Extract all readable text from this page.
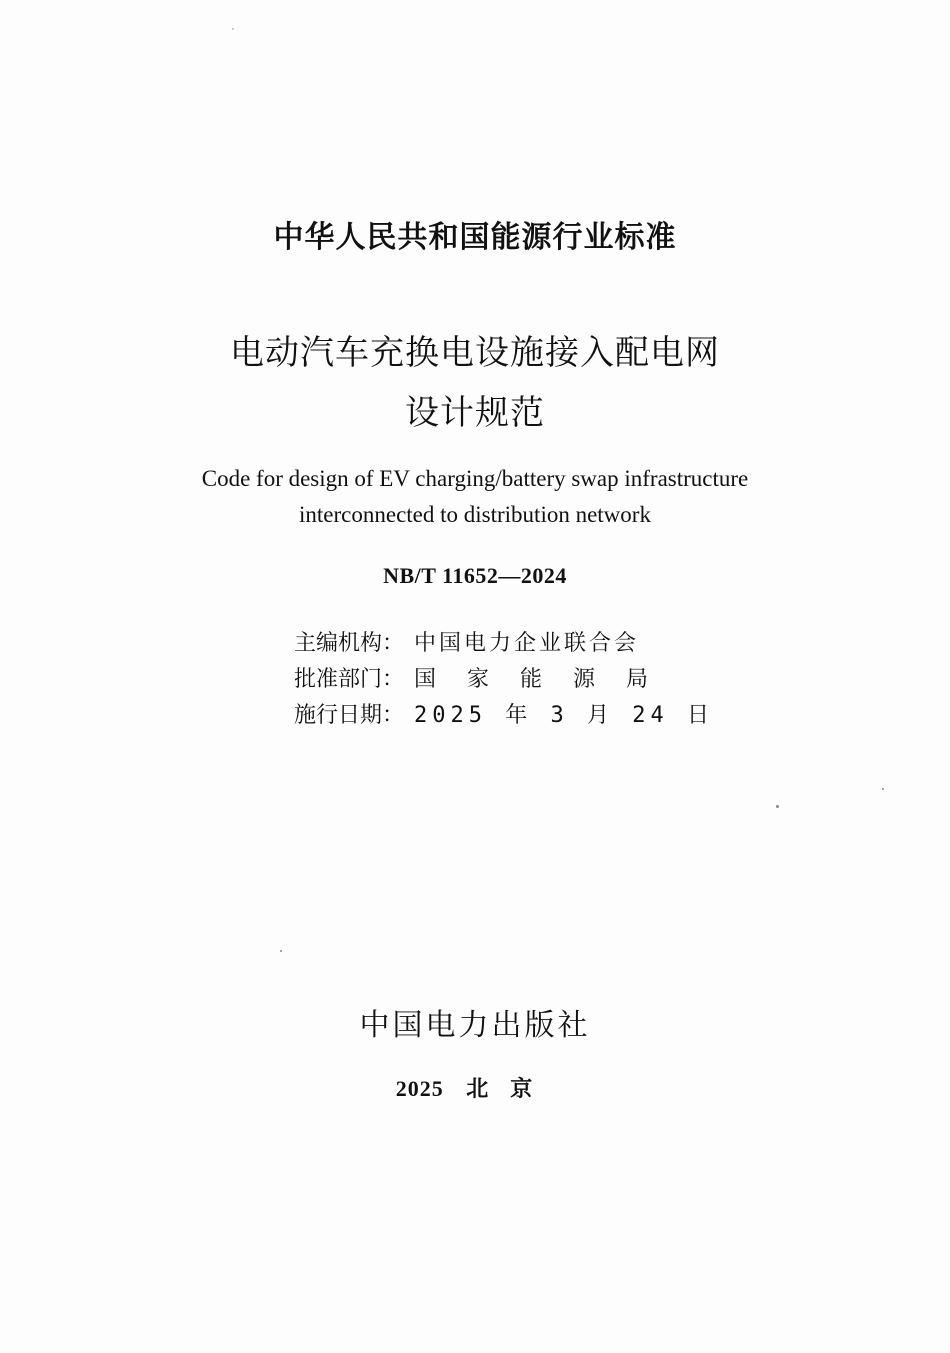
中华人民共和国能源行业标准
电动汽车充换电设施接入配电网
设计规范
Code for design of EV charging/battery swap infrastructure
interconnected to distribution network
NB/T 11652—2024
主编机构： 中国电力企业联合会
批准部门： 国家能源局
施行日期： 2025 年 3 月 24 日
中国电力出版社
2025 北京
